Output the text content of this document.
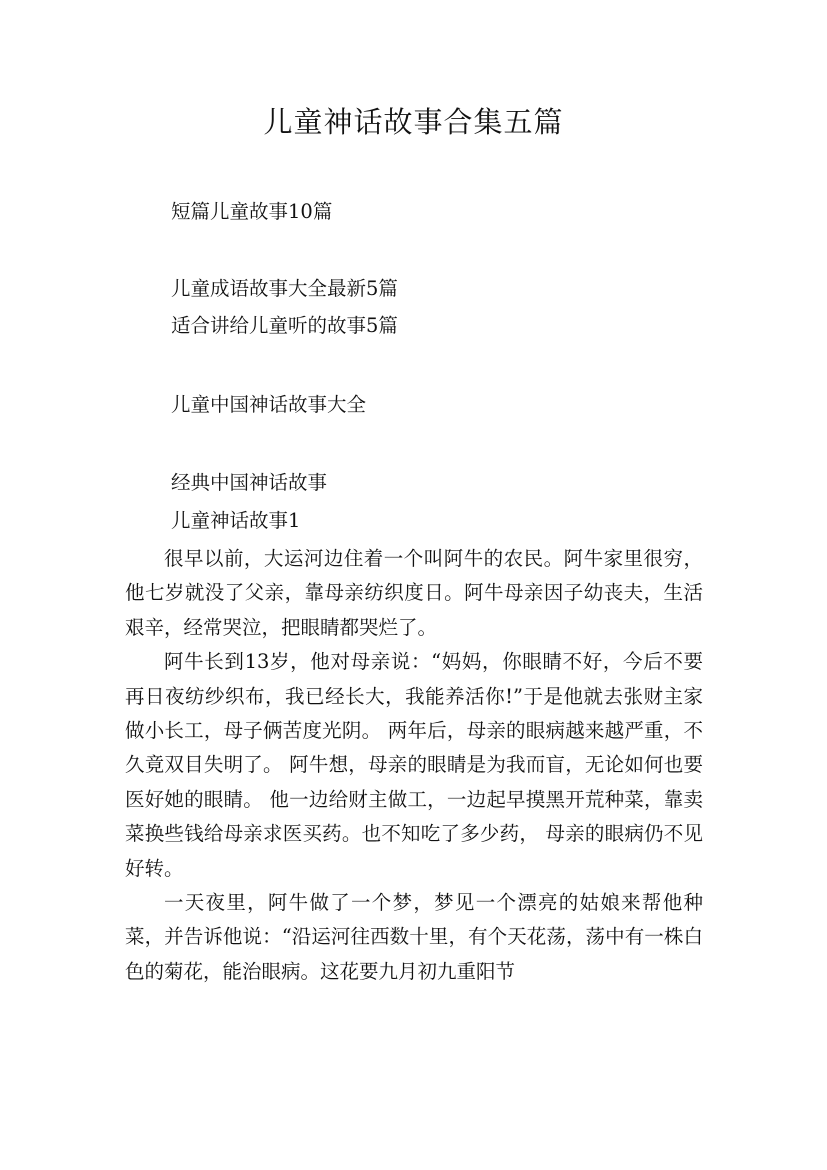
儿童神话故事合集五篇
短篇儿童故事10篇
儿童成语故事大全最新5篇
适合讲给儿童听的故事5篇
儿童中国神话故事大全
经典中国神话故事
儿童神话故事1

很早以前，大运河边住着一个叫阿牛的农民。阿牛家里很穷， 他七岁就没了父亲，靠母亲纺织度日。阿牛母亲因子幼丧夫，生活艰辛，经常哭泣，把眼睛都哭烂了。

阿牛长到13岁，他对母亲说：“妈妈，你眼睛不好，今后不要再日夜纺纱织布，我已经长大，我能养活你!”于是他就去张财主家做小长工，母子俩苦度光阴。 两年后，母亲的眼病越来越严重，不久竟双目失明了。 阿牛想，母亲的眼睛是为我而盲，无论如何也要医好她的眼睛。 他一边给财主做工，一边起早摸黑开荒种菜，靠卖菜换些钱给母亲求医买药。也不知吃了多少药， 母亲的眼病仍不见好转。

一天夜里，阿牛做了一个梦，梦见一个漂亮的姑娘来帮他种菜，并告诉他说：“沿运河往西数十里，有个天花荡，荡中有一株白色的菊花，能治眼病。这花要九月初九重阳节
